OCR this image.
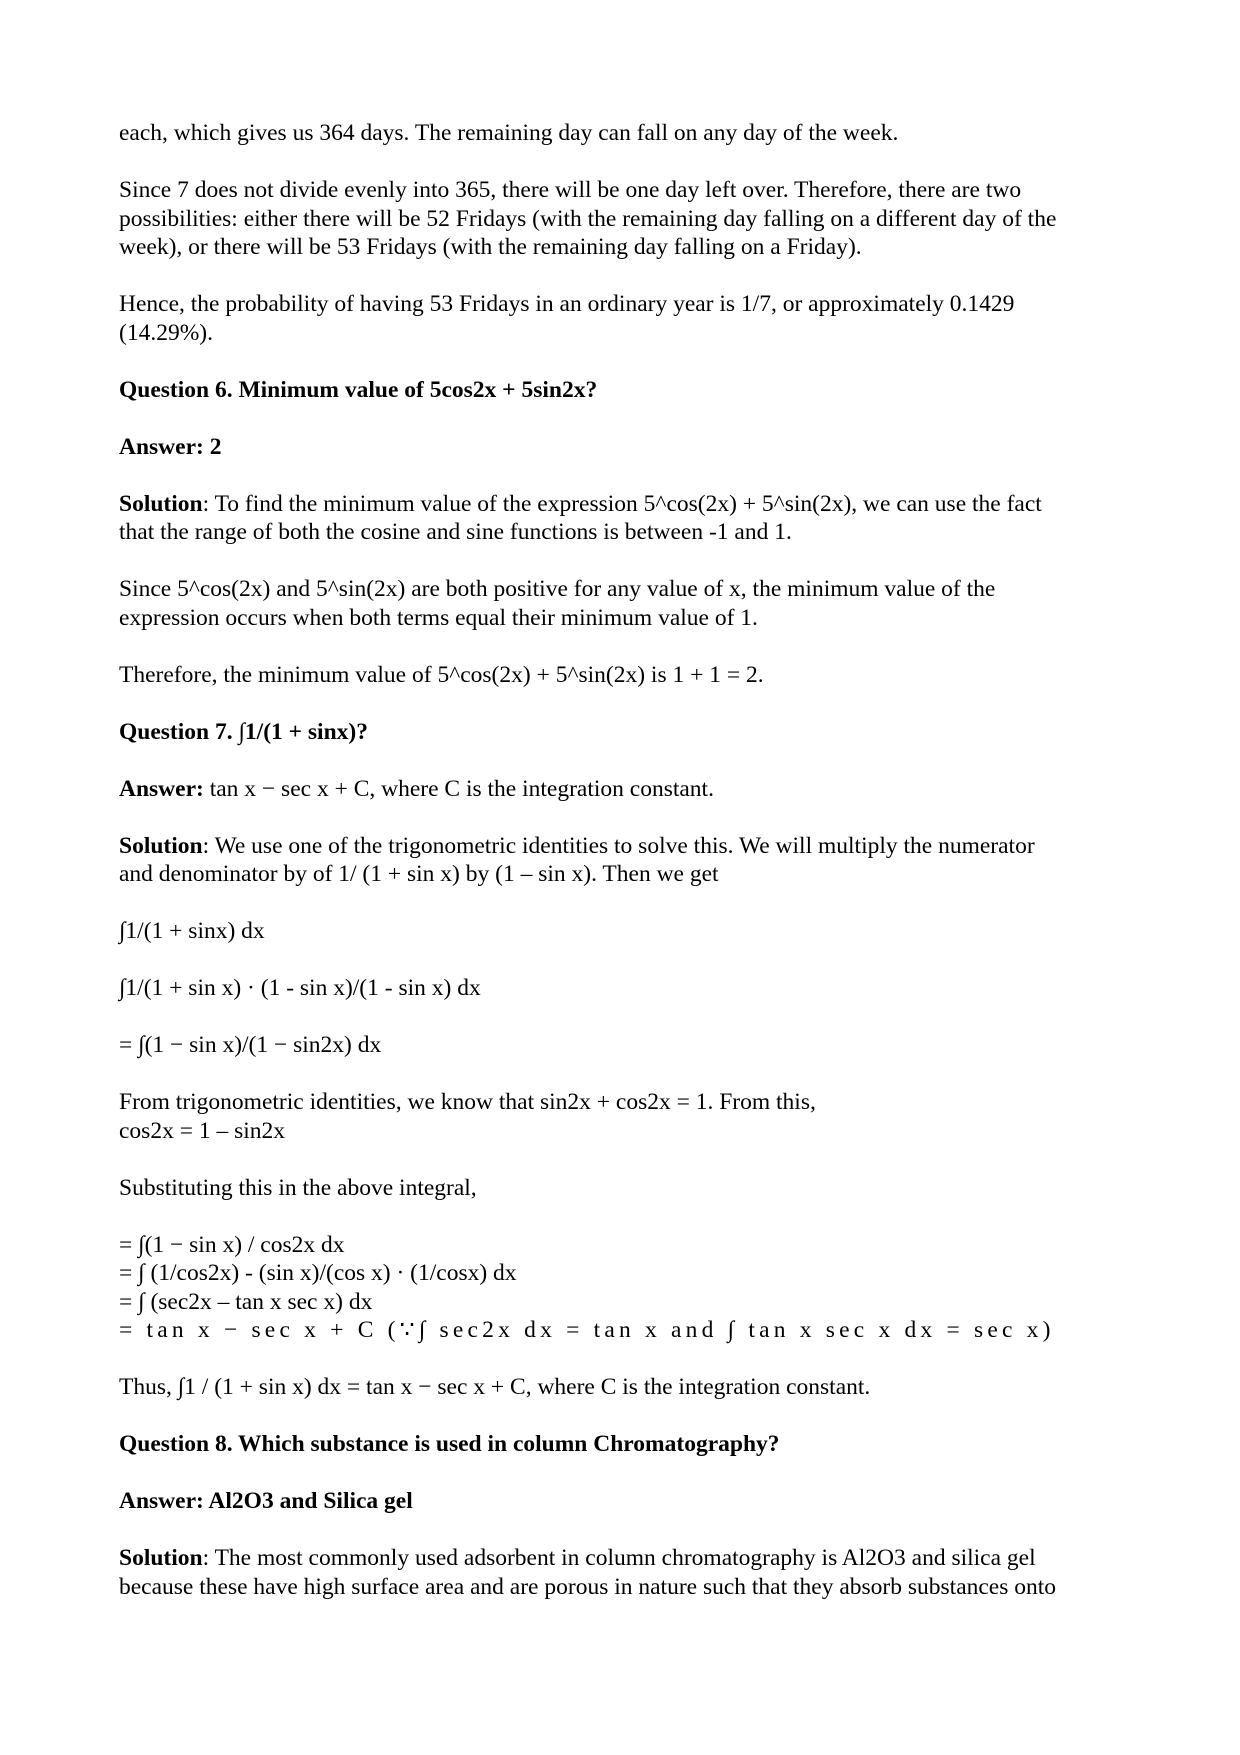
each, which gives us 364 days. The remaining day can fall on any day of the week.

Since 7 does not divide evenly into 365, there will be one day left over. Therefore, there are two
possibilities: either there will be 52 Fridays (with the remaining day falling on a different day of the
week), or there will be 53 Fridays (with the remaining day falling on a Friday).

Hence, the probability of having 53 Fridays in an ordinary year is 1/7, or approximately 0.1429
(14.29%).

Question 6. Minimum value of 5cos2x + 5sin2x?

Answer: 2

Solution: To find the minimum value of the expression 5^cos(2x) + 5^sin(2x), we can use the fact
that the range of both the cosine and sine functions is between -1 and 1.

Since 5^cos(2x) and 5^sin(2x) are both positive for any value of x, the minimum value of the
expression occurs when both terms equal their minimum value of 1.

Therefore, the minimum value of 5^cos(2x) + 5^sin(2x) is 1 + 1 = 2.

Question 7. ∫1/(1 + sinx)?

Answer: tan x − sec x + C, where C is the integration constant.

Solution: We use one of the trigonometric identities to solve this. We will multiply the numerator
and denominator by of 1/ (1 + sin x) by (1 – sin x). Then we get

∫1/(1 + sinx) dx

∫1/(1 + sin x) · (1 - sin x)/(1 - sin x) dx

= ∫(1 − sin x)/(1 − sin2x) dx

From trigonometric identities, we know that sin2x + cos2x = 1. From this,
cos2x = 1 – sin2x

Substituting this in the above integral,

= ∫(1 − sin x) / cos2x dx
= ∫ (1/cos2x) - (sin x)/(cos x) · (1/cosx) dx
= ∫ (sec2x – tan x sec x) dx
= tan x − sec x + C (∵∫ sec2x dx = tan x and ∫ tan x sec x dx = sec x)

Thus, ∫1 / (1 + sin x) dx = tan x − sec x + C, where C is the integration constant.

Question 8. Which substance is used in column Chromatography?

Answer: Al2O3 and Silica gel

Solution: The most commonly used adsorbent in column chromatography is Al2O3 and silica gel
because these have high surface area and are porous in nature such that they absorb substances onto
